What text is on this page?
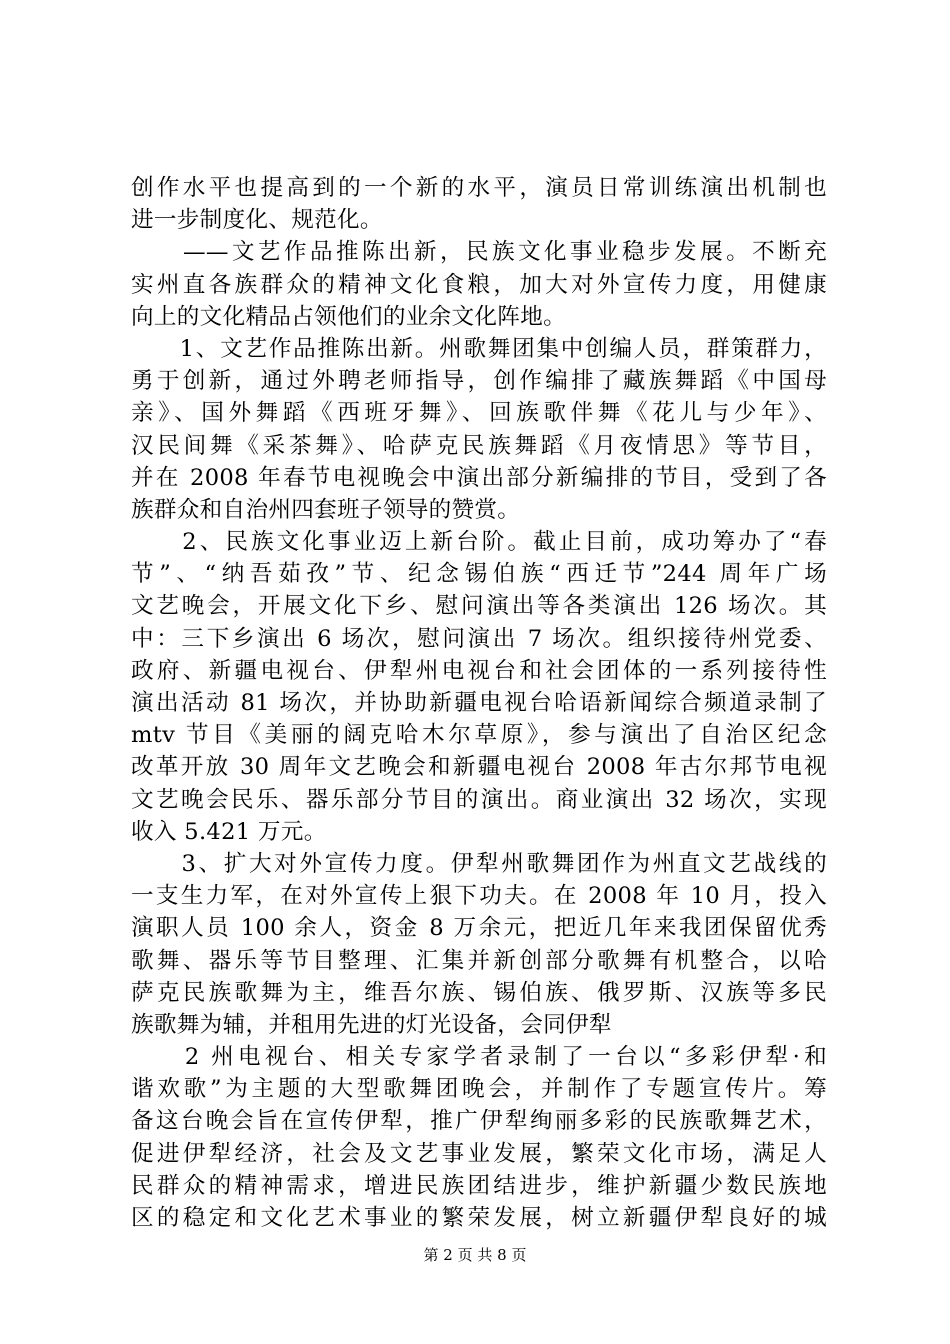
创作水平也提高到的一个新的水平，演员日常训练演出机制也
进一步制度化、规范化。
　　——文艺作品推陈出新，民族文化事业稳步发展。不断充
实州直各族群众的精神文化食粮，加大对外宣传力度，用健康
向上的文化精品占领他们的业余文化阵地。
　　1、文艺作品推陈出新。州歌舞团集中创编人员，群策群力，
勇于创新，通过外聘老师指导，创作编排了藏族舞蹈《中国母
亲》、国外舞蹈《西班牙舞》、回族歌伴舞《花儿与少年》、
汉民间舞《采茶舞》、哈萨克民族舞蹈《月夜情思》等节目，
并在 2008 年春节电视晚会中演出部分新编排的节目，受到了各
族群众和自治州四套班子领导的赞赏。
　　2、民族文化事业迈上新台阶。截止目前，成功筹办了“春
节”、“纳吾茹孜”节、纪念锡伯族“西迁节”244 周年广场
文艺晚会，开展文化下乡、慰问演出等各类演出 126 场次。其
中：三下乡演出 6 场次，慰问演出 7 场次。组织接待州党委、
政府、新疆电视台、伊犁州电视台和社会团体的一系列接待性
演出活动 81 场次，并协助新疆电视台哈语新闻综合频道录制了
mtv 节目《美丽的阔克哈木尔草原》，参与演出了自治区纪念
改革开放 30 周年文艺晚会和新疆电视台 2008 年古尔邦节电视
文艺晚会民乐、器乐部分节目的演出。商业演出 32 场次，实现
收入 5.421 万元。
　　3、扩大对外宣传力度。伊犁州歌舞团作为州直文艺战线的
一支生力军，在对外宣传上狠下功夫。在 2008 年 10 月，投入
演职人员 100 余人，资金 8 万余元，把近几年来我团保留优秀
歌舞、器乐等节目整理、汇集并新创部分歌舞有机整合，以哈
萨克民族歌舞为主，维吾尔族、锡伯族、俄罗斯、汉族等多民
族歌舞为辅，并租用先进的灯光设备，会同伊犁
　　2 州电视台、相关专家学者录制了一台以“多彩伊犁·和
谐欢歌”为主题的大型歌舞团晚会，并制作了专题宣传片。筹
备这台晚会旨在宣传伊犁，推广伊犁绚丽多彩的民族歌舞艺术，
促进伊犁经济，社会及文艺事业发展，繁荣文化市场，满足人
民群众的精神需求，增进民族团结进步，维护新疆少数民族地
区的稳定和文化艺术事业的繁荣发展，树立新疆伊犁良好的城
第 2 页 共 8 页
